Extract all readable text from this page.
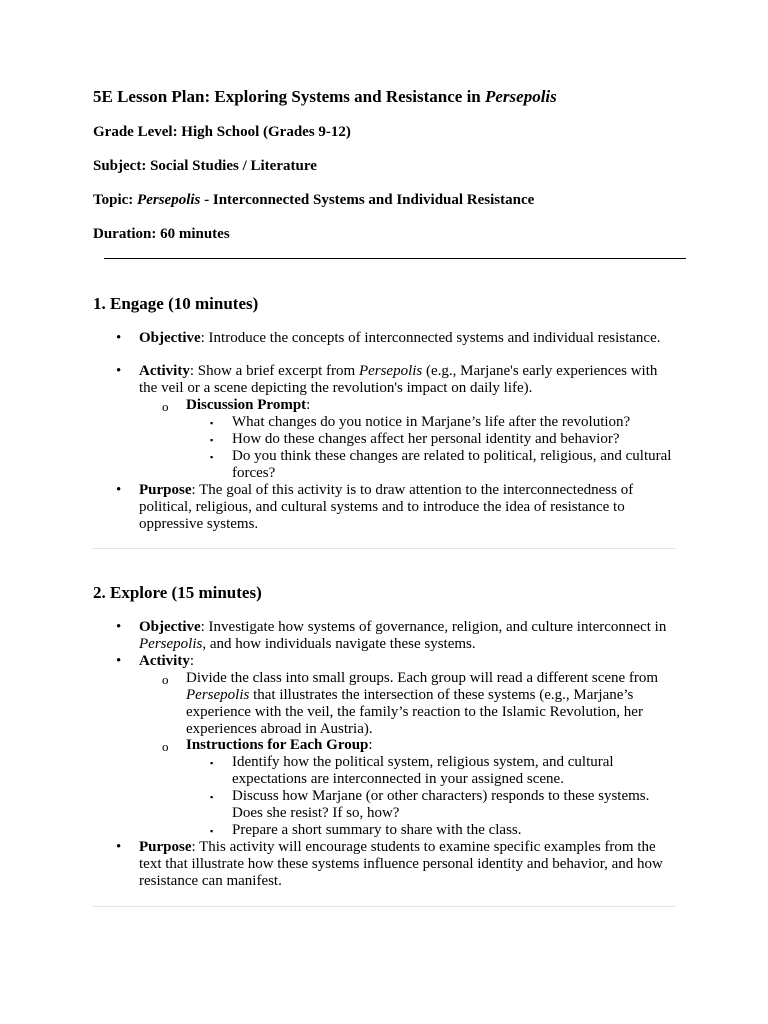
5E Lesson Plan: Exploring Systems and Resistance in Persepolis
Grade Level: High School (Grades 9-12)
Subject: Social Studies / Literature
Topic: Persepolis - Interconnected Systems and Individual Resistance
Duration: 60 minutes
1. Engage (10 minutes)
• Objective: Introduce the concepts of interconnected systems and individual resistance.
• Activity: Show a brief excerpt from Persepolis (e.g., Marjane's early experiences with the veil or a scene depicting the revolution's impact on daily life).
o Discussion Prompt:
▪ What changes do you notice in Marjane’s life after the revolution?
▪ How do these changes affect her personal identity and behavior?
▪ Do you think these changes are related to political, religious, and cultural forces?
• Purpose: The goal of this activity is to draw attention to the interconnectedness of political, religious, and cultural systems and to introduce the idea of resistance to oppressive systems.
2. Explore (15 minutes)
• Objective: Investigate how systems of governance, religion, and culture interconnect in Persepolis, and how individuals navigate these systems.
• Activity:
o Divide the class into small groups. Each group will read a different scene from Persepolis that illustrates the intersection of these systems (e.g., Marjane’s experience with the veil, the family’s reaction to the Islamic Revolution, her experiences abroad in Austria).
o Instructions for Each Group:
▪ Identify how the political system, religious system, and cultural expectations are interconnected in your assigned scene.
▪ Discuss how Marjane (or other characters) responds to these systems. Does she resist? If so, how?
▪ Prepare a short summary to share with the class.
• Purpose: This activity will encourage students to examine specific examples from the text that illustrate how these systems influence personal identity and behavior, and how resistance can manifest.
